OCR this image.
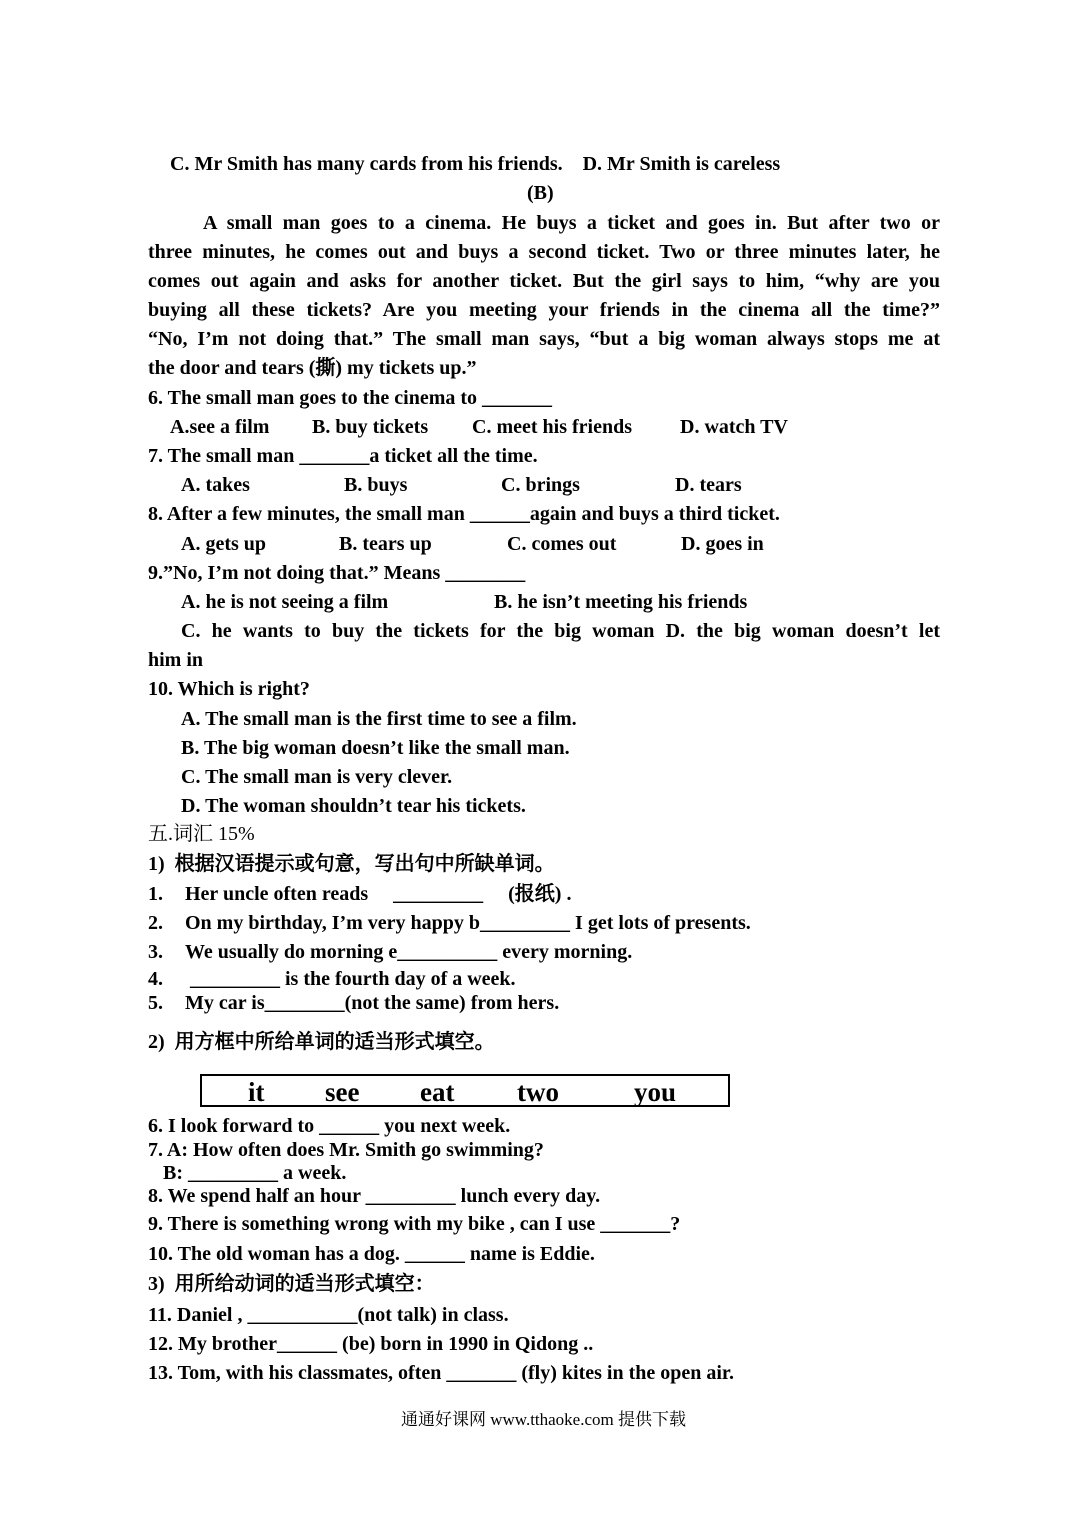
C. Mr Smith has many cards from his friends.    D. Mr Smith is careless
(B)
A small man goes to a cinema. He buys a ticket and goes in. But after two or
three minutes, he comes out and buys a second ticket. Two or three minutes later, he
comes out again and asks for another ticket. But the girl says to him, “why are you
buying all these tickets? Are you meeting your friends in the cinema all the time?”
“No, I’m not doing that.” The small man says, “but a big woman always stops me at
the door and tears (撕) my tickets up.”
6. The small man goes to the cinema to _______
A.see a film B. buy tickets C. meet his friends D. watch TV
7. The small man _______a ticket all the time.
A. takes	B. buys	C. brings	D. tears
8. After a few minutes, the small man ______again and buys a third ticket.
A. gets up	B. tears up	C. comes out	D. goes in
9.”No, I’m not doing that.” Means ________
A. he is not seeing a film	B. he isn’t meeting his friends
C. he wants to buy the tickets for the big woman D. the big woman doesn’t let
him in
10. Which is right?
A. The small man is the first time to see a film.
B. The big woman doesn’t like the small man.
C. The small man is very clever.
D. The woman shouldn’t tear his tickets.
五.词汇 15%
1)  根据汉语提示或句意，写出句中所缺单词。
1. Her uncle often reads     _________     (报纸) .
2. On my birthday, I’m very happy b_________ I get lots of presents.
3. We usually do morning e__________ every morning.
4. _________ is the fourth day of a week.
5. My car is________(not the same) from hers.
2)  用方框中所给单词的适当形式填空。
it see eat two	you
6. I look forward to ______ you next week.
7. A: How often does Mr. Smith go swimming?
B: _________ a week.
8. We spend half an hour _________ lunch every day.
9. There is something wrong with my bike , can I use _______?
10. The old woman has a dog. ______ name is Eddie.
3)  用所给动词的适当形式填空：
11. Daniel , ___________(not talk) in class.
12. My brother______ (be) born in 1990 in Qidong ..
13. Tom, with his classmates, often _______ (fly) kites in the open air.
通通好课网 www.tthaoke.com 提供下载
